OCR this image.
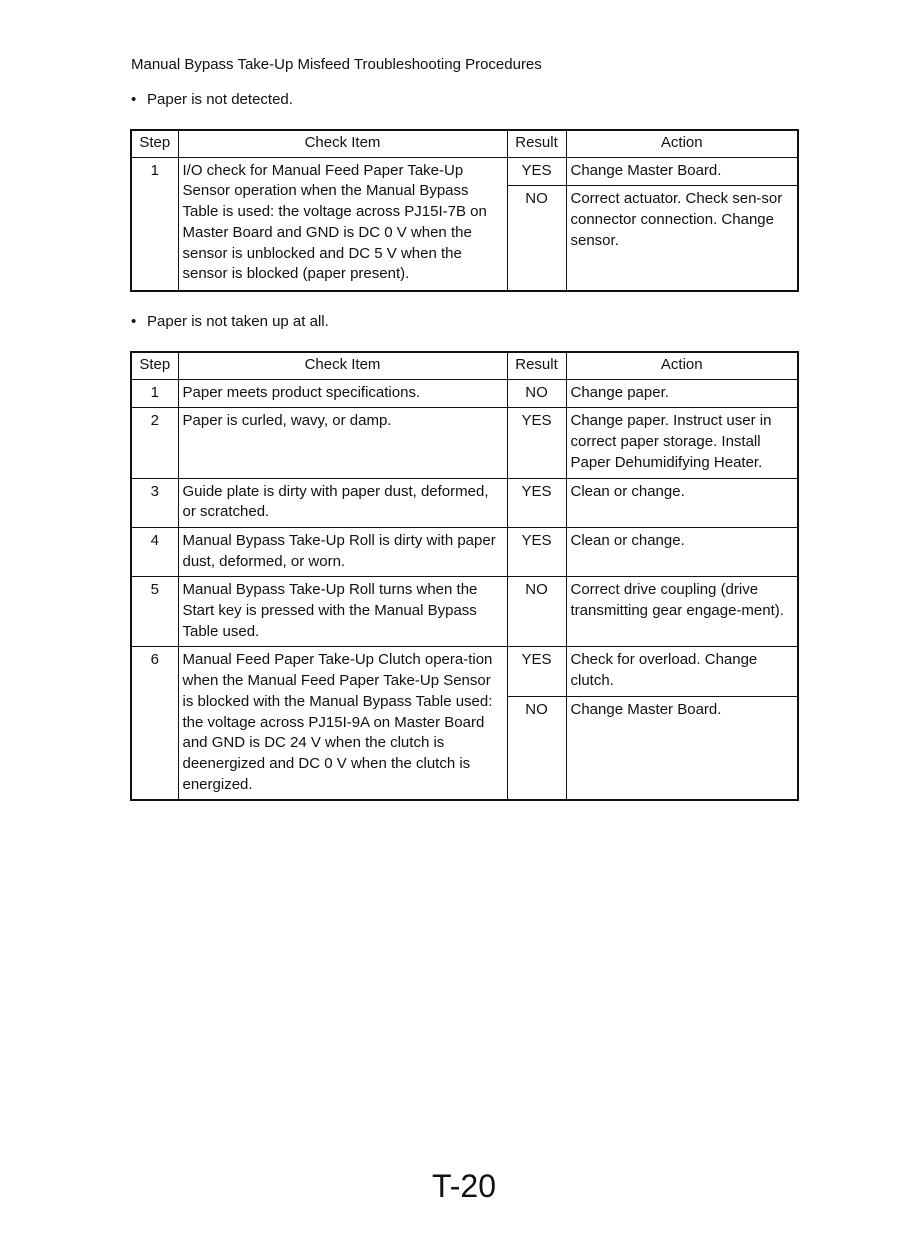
Manual Bypass Take-Up Misfeed Troubleshooting Procedures
• Paper is not detected.
Step	Check Item	Result	Action
1	I/O check for Manual Feed Paper Take-Up Sensor operation when the Manual Bypass Table is used: the voltage across PJ15I-7B on Master Board and GND is DC 0 V when the sensor is unblocked and DC 5 V when the sensor is blocked (paper present).	YES	Change Master Board.
		NO	Correct actuator. Check sen-sor connector connection. Change sensor.
• Paper is not taken up at all.
Step	Check Item	Result	Action
1	Paper meets product specifications.	NO	Change paper.
2	Paper is curled, wavy, or damp.	YES	Change paper. Instruct user in correct paper storage. Install Paper Dehumidifying Heater.
3	Guide plate is dirty with paper dust, deformed, or scratched.	YES	Clean or change.
4	Manual Bypass Take-Up Roll is dirty with paper dust, deformed, or worn.	YES	Clean or change.
5	Manual Bypass Take-Up Roll turns when the Start key is pressed with the Manual Bypass Table used.	NO	Correct drive coupling (drive transmitting gear engage-ment).
6	Manual Feed Paper Take-Up Clutch opera-tion when the Manual Feed Paper Take-Up Sensor is blocked with the Manual Bypass Table used: the voltage across PJ15I-9A on Master Board and GND is DC 24 V when the clutch is deenergized and DC 0 V when the clutch is energized.	YES	Check for overload. Change clutch.
		NO	Change Master Board.
T-20
